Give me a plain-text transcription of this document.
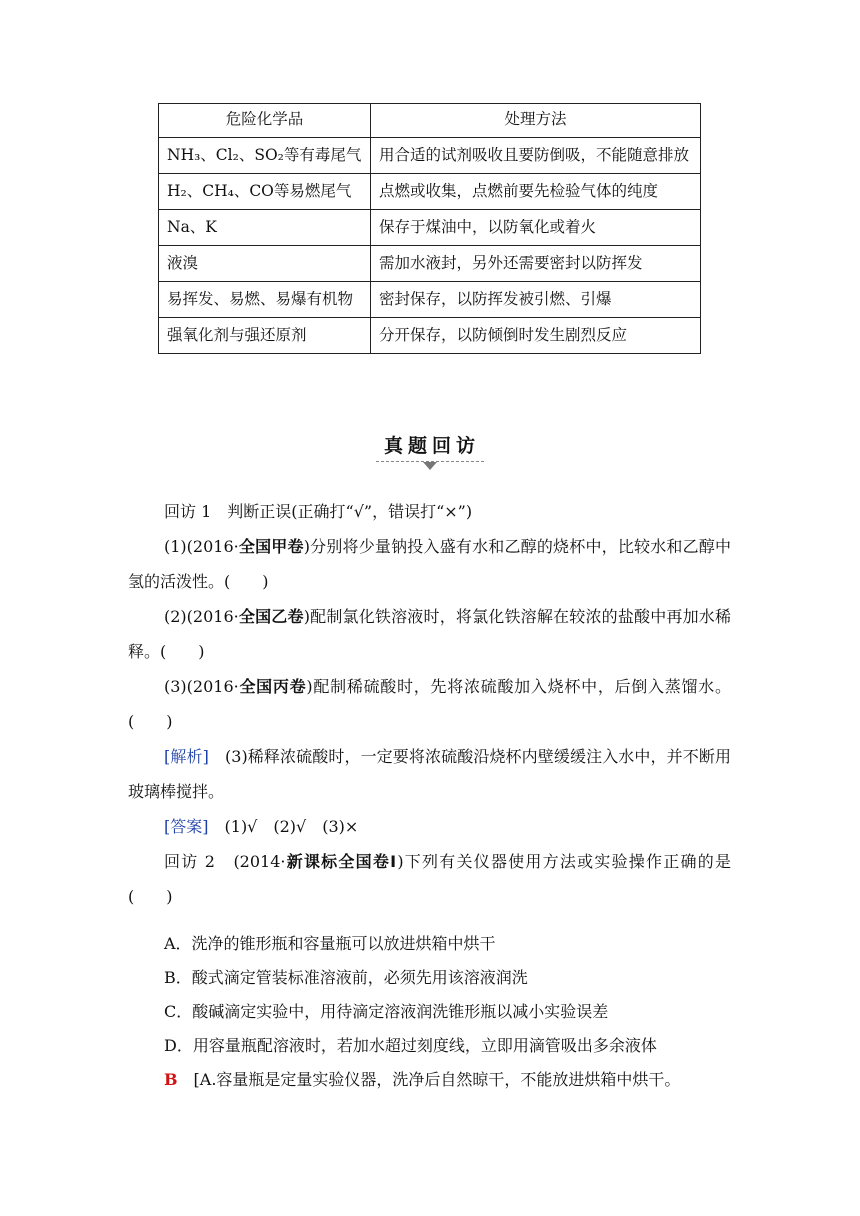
危险化学品	处理方法
NH₃、Cl₂、SO₂等有毒尾气	用合适的试剂吸收且要防倒吸，不能随意排放
H₂、CH₄、CO等易燃尾气	点燃或收集，点燃前要先检验气体的纯度
Na、K	保存于煤油中，以防氧化或着火
液溴	需加水液封，另外还需要密封以防挥发
易挥发、易燃、易爆有机物	密封保存，以防挥发被引燃、引爆
强氧化剂与强还原剂	分开保存，以防倾倒时发生剧烈反应
真题回访
回访 1　判断正误(正确打“√”，错误打“×”)
(1)(2016·全国甲卷)分别将少量钠投入盛有水和乙醇的烧杯中，比较水和乙醇中氢的活泼性。(　　)
(2)(2016·全国乙卷)配制氯化铁溶液时，将氯化铁溶解在较浓的盐酸中再加水稀释。(　　)
(3)(2016·全国丙卷)配制稀硫酸时，先将浓硫酸加入烧杯中，后倒入蒸馏水。(　　)
[解析]　 (3)稀释浓硫酸时，一定要将浓硫酸沿烧杯内壁缓缓注入水中，并不断用玻璃棒搅拌。
[答案]　 (1)√　(2)√　(3)×
回访 2　 (2014·新课标全国卷Ⅰ)下列有关仪器使用方法或实验操作正确的是(　　)
A．洗净的锥形瓶和容量瓶可以放进烘箱中烘干
B．酸式滴定管装标准溶液前，必须先用该溶液润洗
C．酸碱滴定实验中，用待滴定溶液润洗锥形瓶以减小实验误差
D．用容量瓶配溶液时，若加水超过刻度线，立即用滴管吸出多余液体
B　 [A.容量瓶是定量实验仪器，洗净后自然晾干，不能放进烘箱中烘干。
